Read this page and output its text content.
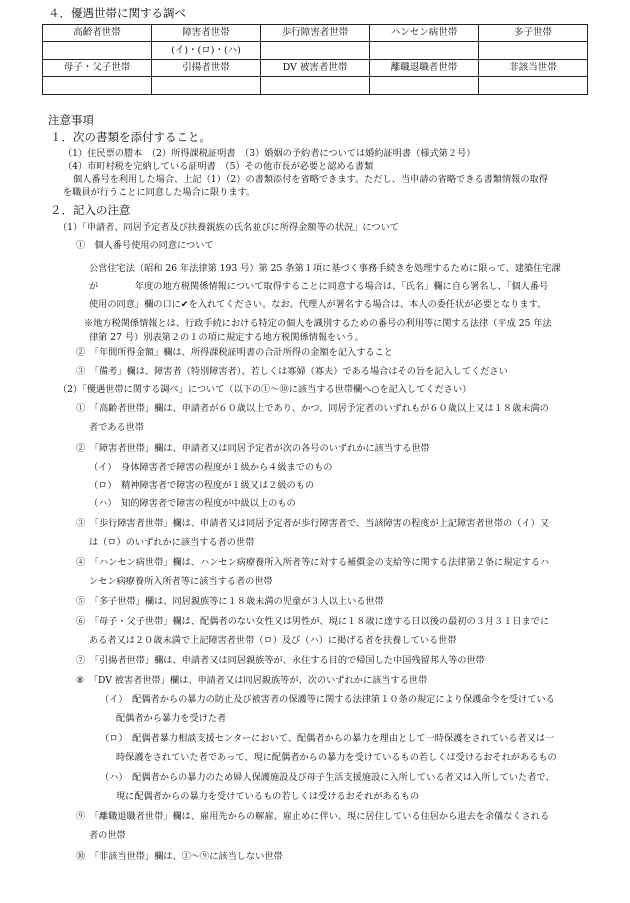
４．優遇世帯に関する調べ
高齢者世帯	障害者世帯	歩行障害者世帯	ハンセン病世帯	多子世帯
	(イ)・(ロ)・(ハ)			
母子・父子世帯	引揚者世帯	DV 被害者世帯	離職退職者世帯	非該当世帯

注意事項
１．次の書類を添付すること。
（1）住民票の謄本　（2）所得課税証明書　（3）婚姻の予約者については婚約証明書（様式第２号）
（4）市町村税を完納している証明書　（5）その他市長が必要と認める書類
個人番号を利用した場合、上記（1）（2）の書類添付を省略できます。ただし、当申請の省略できる書類情報の取得
を職員が行うことに同意した場合に限ります。
２．記入の注意
（1）「申請者、同居予定者及び扶養親族の氏名並びに所得金額等の状況」について
①　個人番号使用の同意について
公営住宅法（昭和 26 年法律第 193 号）第 25 条第１項に基づく事務手続きを処理するために限って、建築住宅課
が　　　　年度の地方税関係情報について取得することに同意する場合は、「氏名」欄に自ら署名し、「個人番号
使用の同意」欄の口に✔を入れてください。なお、代理人が署名する場合は、本人の委任状が必要となります。
※地方税関係情報とは、行政手続における特定の個人を識別するための番号の利用等に関する法律（平成 25 年法
律第 27 号）別表第２の１の項に規定する地方税関係情報をいう。
②　「年間所得金額」欄は、所得課税証明書の合計所得の金額を記入すること
③　「備考」欄は、障害者（特別障害者）、若しくは寡婦（寡夫）である場合はその旨を記入してください
（2）「優遇世帯に関する調べ」について（以下の①〜⑩に該当する世帯欄へ○を記入してください）
①　「高齢者世帯」欄は、申請者が６０歳以上であり、かつ、同居予定者のいずれもが６０歳以上又は１８歳未満の
者である世帯
②　「障害者世帯」欄は、申請者又は同居予定者が次の各号のいずれかに該当する世帯
（イ）　身体障害者で障害の程度が１級から４級までのもの
（ロ）　精神障害者で障害の程度が１級又は２級のもの
（ハ）　知的障害者で障害の程度が中級以上のもの
③　「歩行障害者世帯」欄は、申請者又は同居予定者が歩行障害者で、当該障害の程度が上記障害者世帯の（イ）又
は（ロ）のいずれかに該当する者の世帯
④　「ハンセン病世帯」欄は、ハンセン病療養所入所者等に対する補償金の支給等に関する法律第２条に規定するハ
ンセン病療養所入所者等に該当する者の世帯
⑤　「多子世帯」欄は、同居親族等に１８歳未満の児童が３人以上いる世帯
⑥　「母子・父子世帯」欄は、配偶者のない女性又は男性が、現に１８歳に達する日以後の最初の３月３１日までに
ある者又は２０歳未満で上記障害者世帯（ロ）及び（ハ）に掲げる者を扶養している世帯
⑦　「引揚者世帯」欄は、申請者又は同居親族等が、永住する目的で帰国した中国残留邦人等の世帯
⑧　「DV 被害者世帯」欄は、申請者又は同居親族等が、次のいずれかに該当する世帯
（イ）　配偶者からの暴力の防止及び被害者の保護等に関する法律第１０条の規定により保護命令を受けている
配偶者から暴力を受けた者
（ロ）　配偶者暴力相談支援センターにおいて、配偶者からの暴力を理由として一時保護をされている者又は一
時保護をされていた者であって、現に配偶者からの暴力を受けているもの若しくは受けるおそれがあるもの
（ハ）　配偶者からの暴力のため婦人保護施設及び母子生活支援施設に入所している者又は入所していた者で、
現に配偶者からの暴力を受けているもの若しくは受けるおそれがあるもの
⑨　「離職退職者世帯」欄は、雇用先からの解雇、雇止めに伴い、現に居住している住居から退去を余儀なくされる
者の世帯
⑩　「非該当世帯」欄は、①〜⑨に該当しない世帯
